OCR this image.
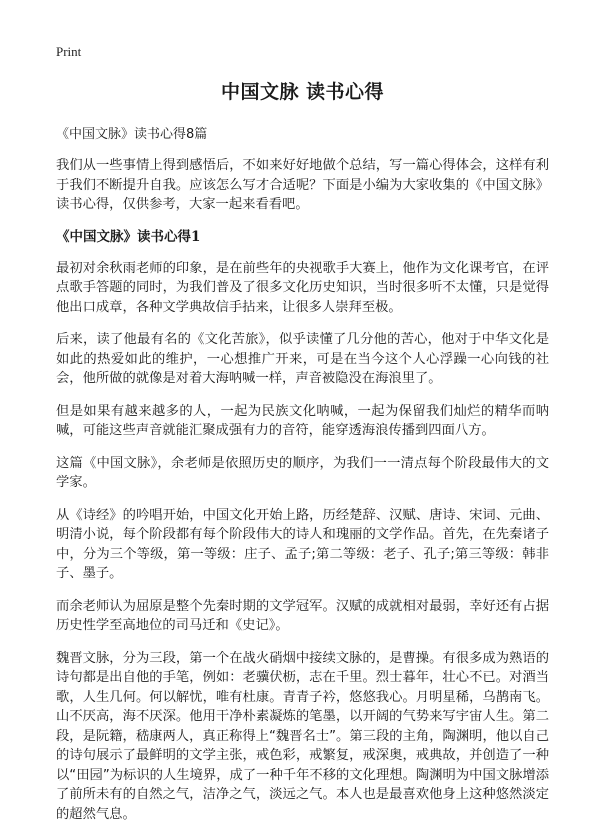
Print
中国文脉 读书心得
《中国文脉》读书心得8篇

我们从一些事情上得到感悟后，不如来好好地做个总结，写一篇心得体会，这样有利于我们不断提升自我。应该怎么写才合适呢？下面是小编为大家收集的《中国文脉》读书心得，仅供参考，大家一起来看看吧。

《中国文脉》读书心得1

最初对余秋雨老师的印象，是在前些年的央视歌手大赛上，他作为文化课考官，在评点歌手答题的同时，为我们普及了很多文化历史知识，当时很多听不太懂，只是觉得他出口成章，各种文学典故信手拈来，让很多人崇拜至极。

后来，读了他最有名的《文化苦旅》，似乎读懂了几分他的苦心，他对于中华文化是如此的热爱如此的维护，一心想推广开来，可是在当今这个人心浮躁一心向钱的社会，他所做的就像是对着大海呐喊一样，声音被隐没在海浪里了。

但是如果有越来越多的人，一起为民族文化呐喊，一起为保留我们灿烂的精华而呐喊，可能这些声音就能汇聚成强有力的音符，能穿透海浪传播到四面八方。

这篇《中国文脉》，余老师是依照历史的顺序，为我们一一清点每个阶段最伟大的文学家。

从《诗经》的吟唱开始，中国文化开始上路，历经楚辞、汉赋、唐诗、宋词、元曲、明清小说，每个阶段都有每个阶段伟大的诗人和瑰丽的文学作品。首先，在先秦诸子中，分为三个等级，第一等级：庄子、孟子;第二等级：老子、孔子;第三等级：韩非子、墨子。

而余老师认为屈原是整个先秦时期的文学冠军。汉赋的成就相对最弱，幸好还有占据历史性学至高地位的司马迁和《史记》。

魏晋文脉，分为三段，第一个在战火硝烟中接续文脉的，是曹操。有很多成为熟语的诗句都是出自他的手笔，例如：老骥伏枥，志在千里。烈士暮年，壮心不已。对酒当歌，人生几何。何以解忧，唯有杜康。青青子衿，悠悠我心。月明星稀，乌鹊南飞。山不厌高，海不厌深。他用干净朴素凝炼的笔墨，以开阔的气势来写宇宙人生。第二段，是阮籍，嵇康两人，真正称得上“魏晋名士”。第三段的主角，陶渊明，他以自己的诗句展示了最鲜明的文学主张，戒色彩，戒繁复，戒深奥，戒典故，并创造了一种以“田园”为标识的人生境界，成了一种千年不移的文化理想。陶渊明为中国文脉增添了前所未有的自然之气，洁净之气，淡远之气。本人也是最喜欢他身上这种悠然淡定的超然气息。
